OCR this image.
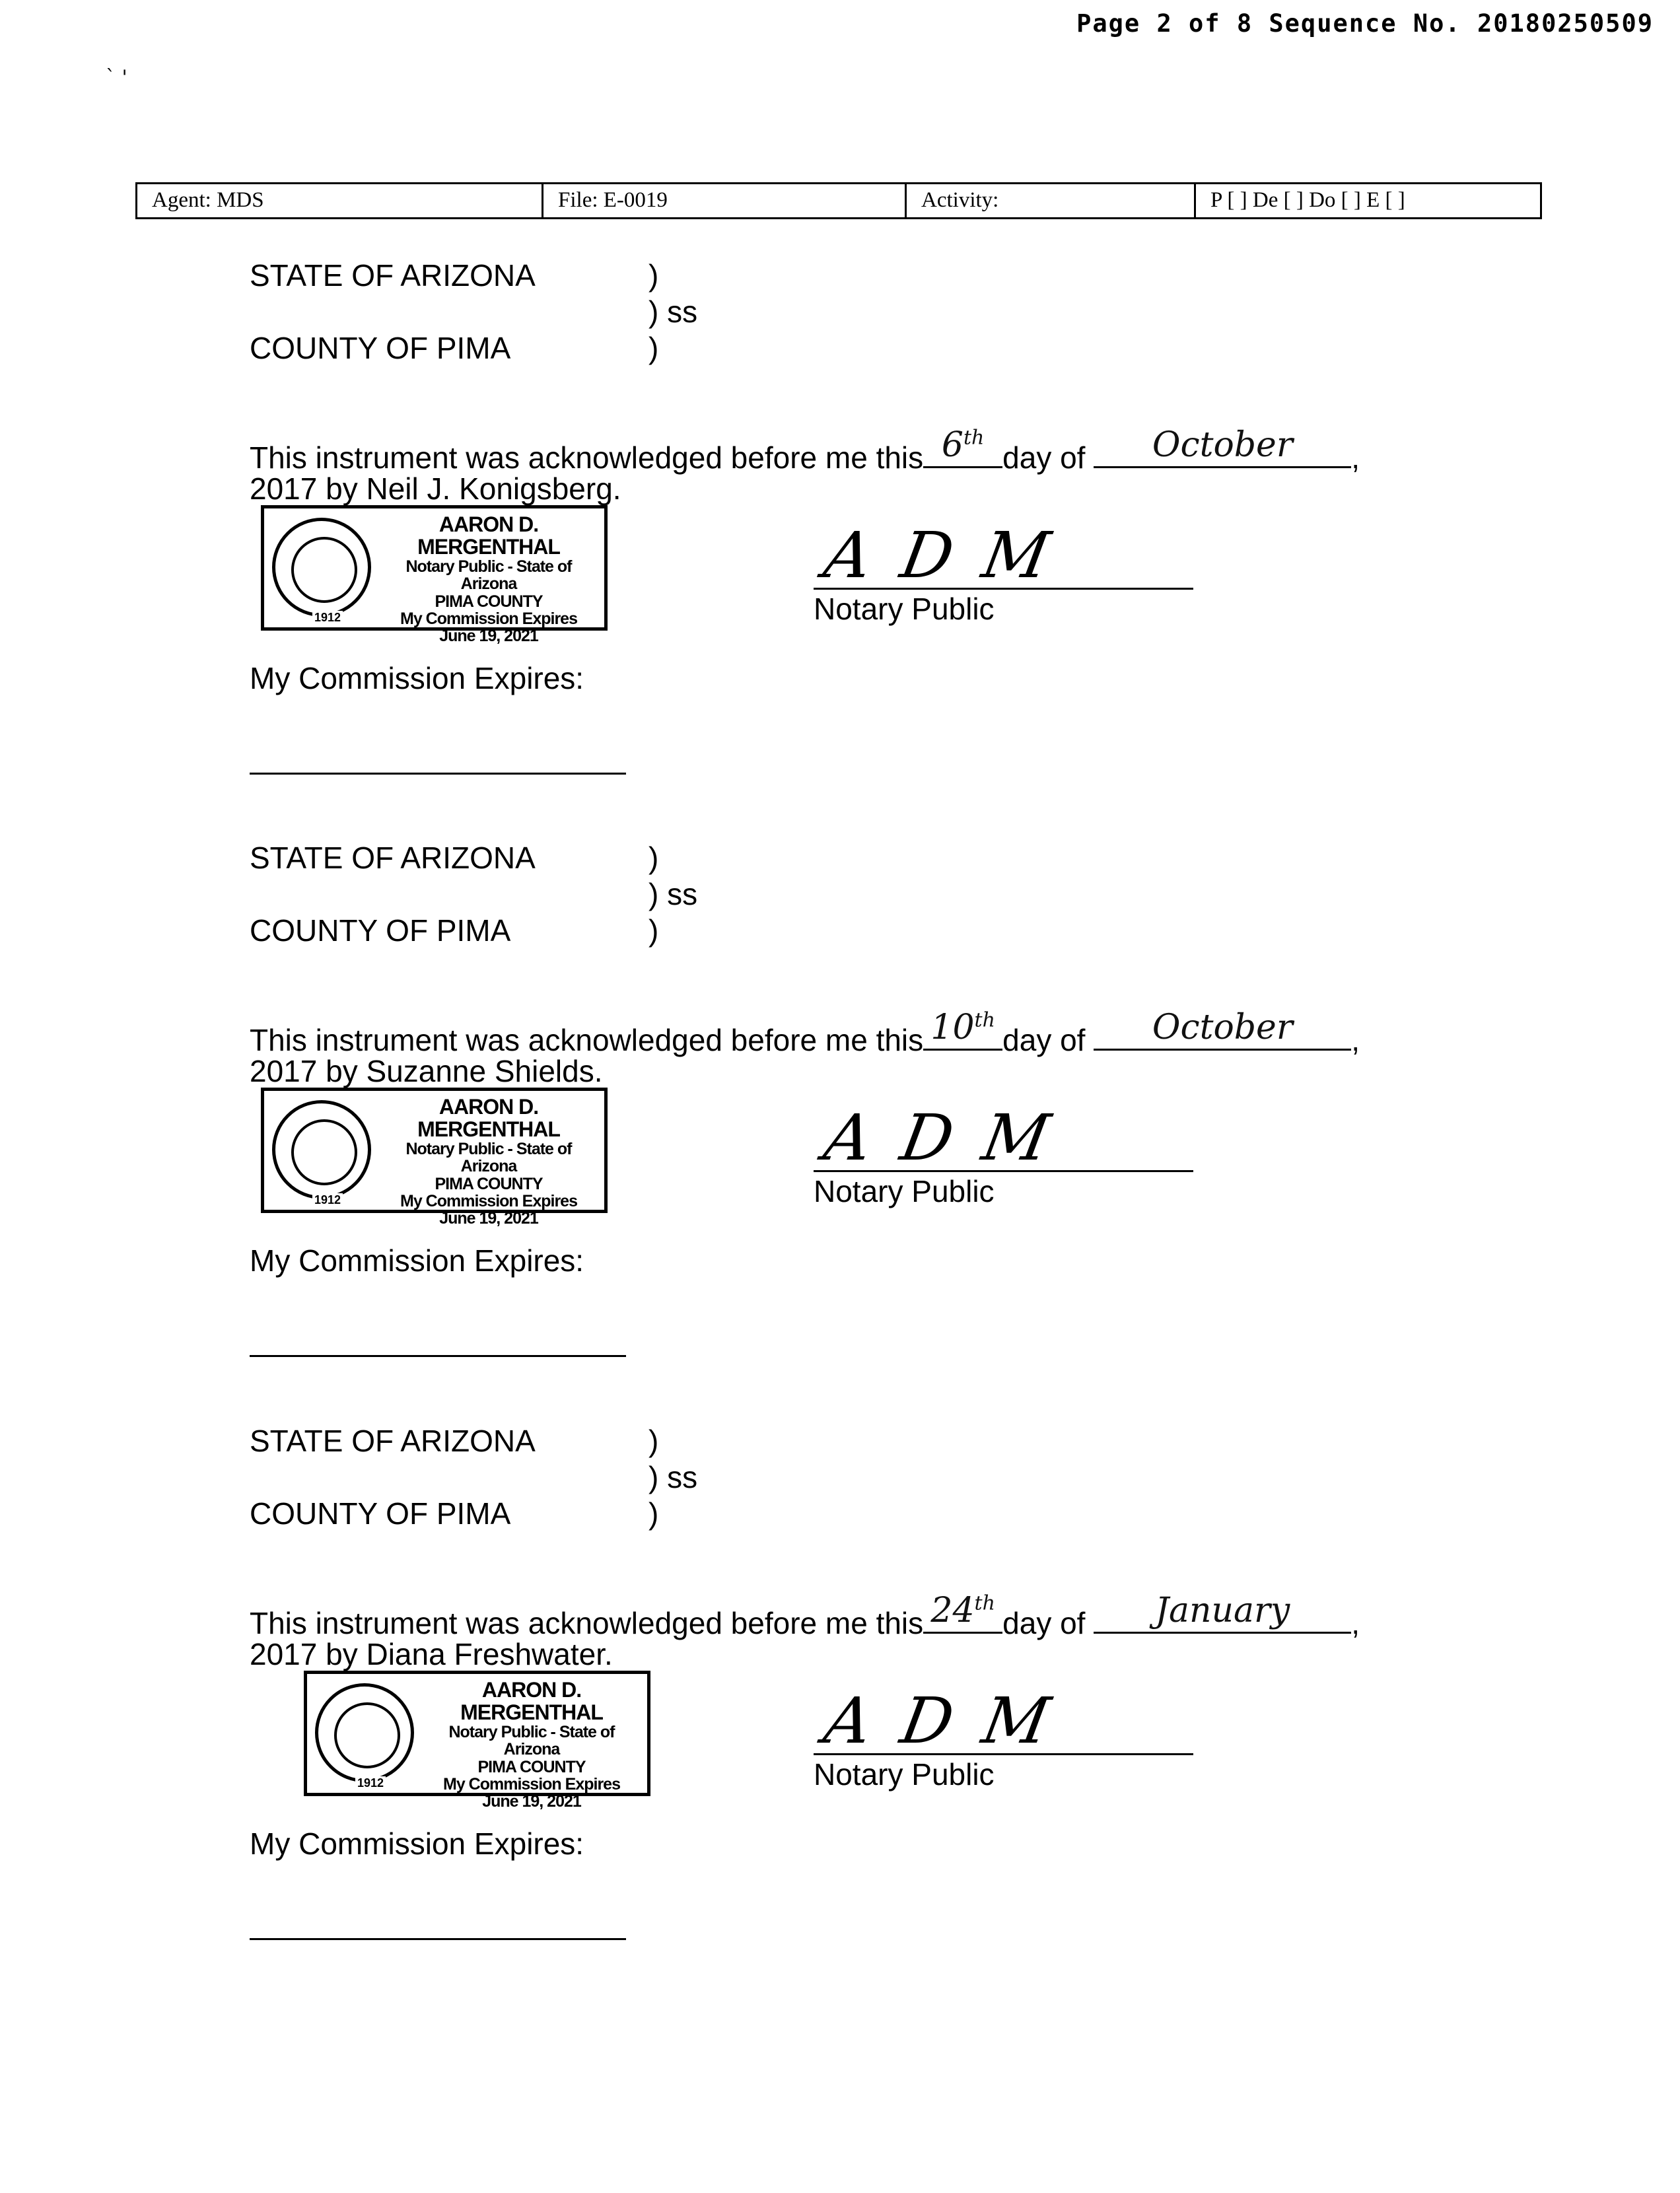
Page 2 of 8 Sequence No. 20180250509
` '
Agent: MDS	File: E-0019	Activity:	P [ ] De [ ] Do [ ] E [ ]
STATE OF ARIZONA	)
) ss
COUNTY OF PIMA	)
This instrument was acknowledged before me this 6th
day of	October	,
2017 by Neil J. Konigsberg.
1912
AARON D. MERGENTHAL
Notary Public - State of Arizona
PIMA COUNTY
My Commission Expires
June 19, 2021
A D M
Notary Public
My Commission Expires:
STATE OF ARIZONA	)
) ss
COUNTY OF PIMA	)
This instrument was acknowledged before me this 10th
day of	October	,
2017 by Suzanne Shields.
1912
AARON D. MERGENTHAL
Notary Public - State of Arizona
PIMA COUNTY
My Commission Expires
June 19, 2021
A D M
Notary Public
My Commission Expires:
STATE OF ARIZONA	)
) ss
COUNTY OF PIMA	)
This instrument was acknowledged before me this 24th
day of	January	,
2017 by Diana Freshwater.
1912
AARON D. MERGENTHAL
Notary Public - State of Arizona
PIMA COUNTY
My Commission Expires
June 19, 2021
A D M
Notary Public
My Commission Expires:
